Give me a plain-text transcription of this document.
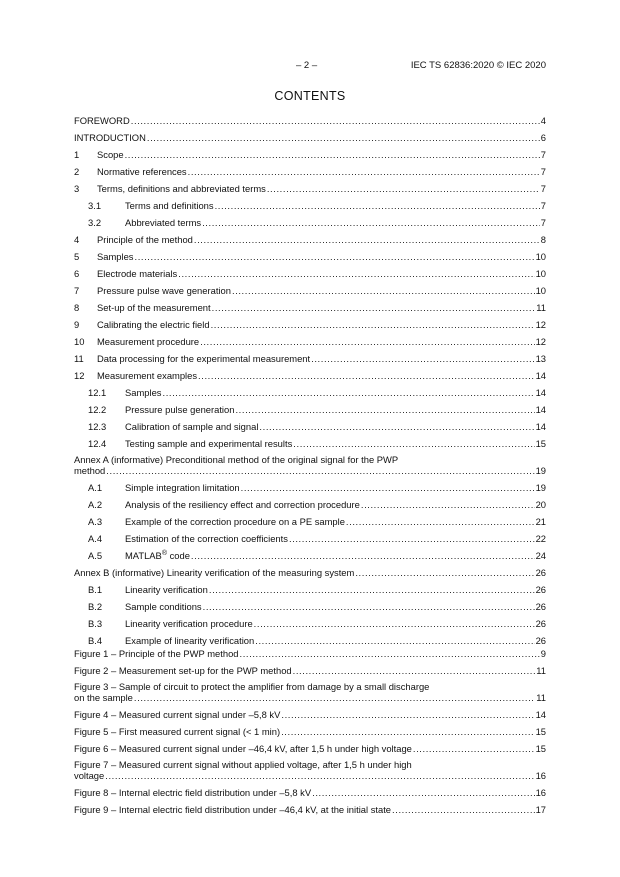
– 2 –	IEC TS 62836:2020 © IEC 2020
CONTENTS
FOREWORD .....	4
INTRODUCTION .....	6
1	Scope .....	7
2	Normative references .....	7
3	Terms, definitions and abbreviated terms .....	7
3.1	Terms and definitions .....	7
3.2	Abbreviated terms .....	7
4	Principle of the method .....	8
5	Samples .....	10
6	Electrode materials .....	10
7	Pressure pulse wave generation .....	10
8	Set-up of the measurement .....	11
9	Calibrating the electric field .....	12
10	Measurement procedure .....	12
11	Data processing for the experimental measurement .....	13
12	Measurement examples .....	14
12.1	Samples .....	14
12.2	Pressure pulse generation .....	14
12.3	Calibration of sample and signal .....	14
12.4	Testing sample and experimental results .....	15
Annex A (informative) Preconditional method of the original signal for the PWP
method .....	19
A.1	Simple integration limitation .....	19
A.2	Analysis of the resiliency effect and correction procedure .....	20
A.3	Example of the correction procedure on a PE sample .....	21
A.4	Estimation of the correction coefficients .....	22
A.5	MATLAB® code .....	24
Annex B (informative) Linearity verification of the measuring system .....	26
B.1	Linearity verification .....	26
B.2	Sample conditions .....	26
B.3	Linearity verification procedure .....	26
B.4	Example of linearity verification .....	26
Figure 1 – Principle of the PWP method .....	9
Figure 2 – Measurement set-up for the PWP method .....	11
Figure 3 – Sample of circuit to protect the amplifier from damage by a small discharge
on the sample .....	11
Figure 4 – Measured current signal under –5,8 kV .....	14
Figure 5 – First measured current signal (< 1 min) .....	15
Figure 6 – Measured current signal under –46,4 kV, after 1,5 h under high voltage .....	15
Figure 7 – Measured current signal without applied voltage, after 1,5 h under high
voltage .....	16
Figure 8 – Internal electric field distribution under –5,8 kV .....	16
Figure 9 – Internal electric field distribution under –46,4 kV, at the initial state .....	17
